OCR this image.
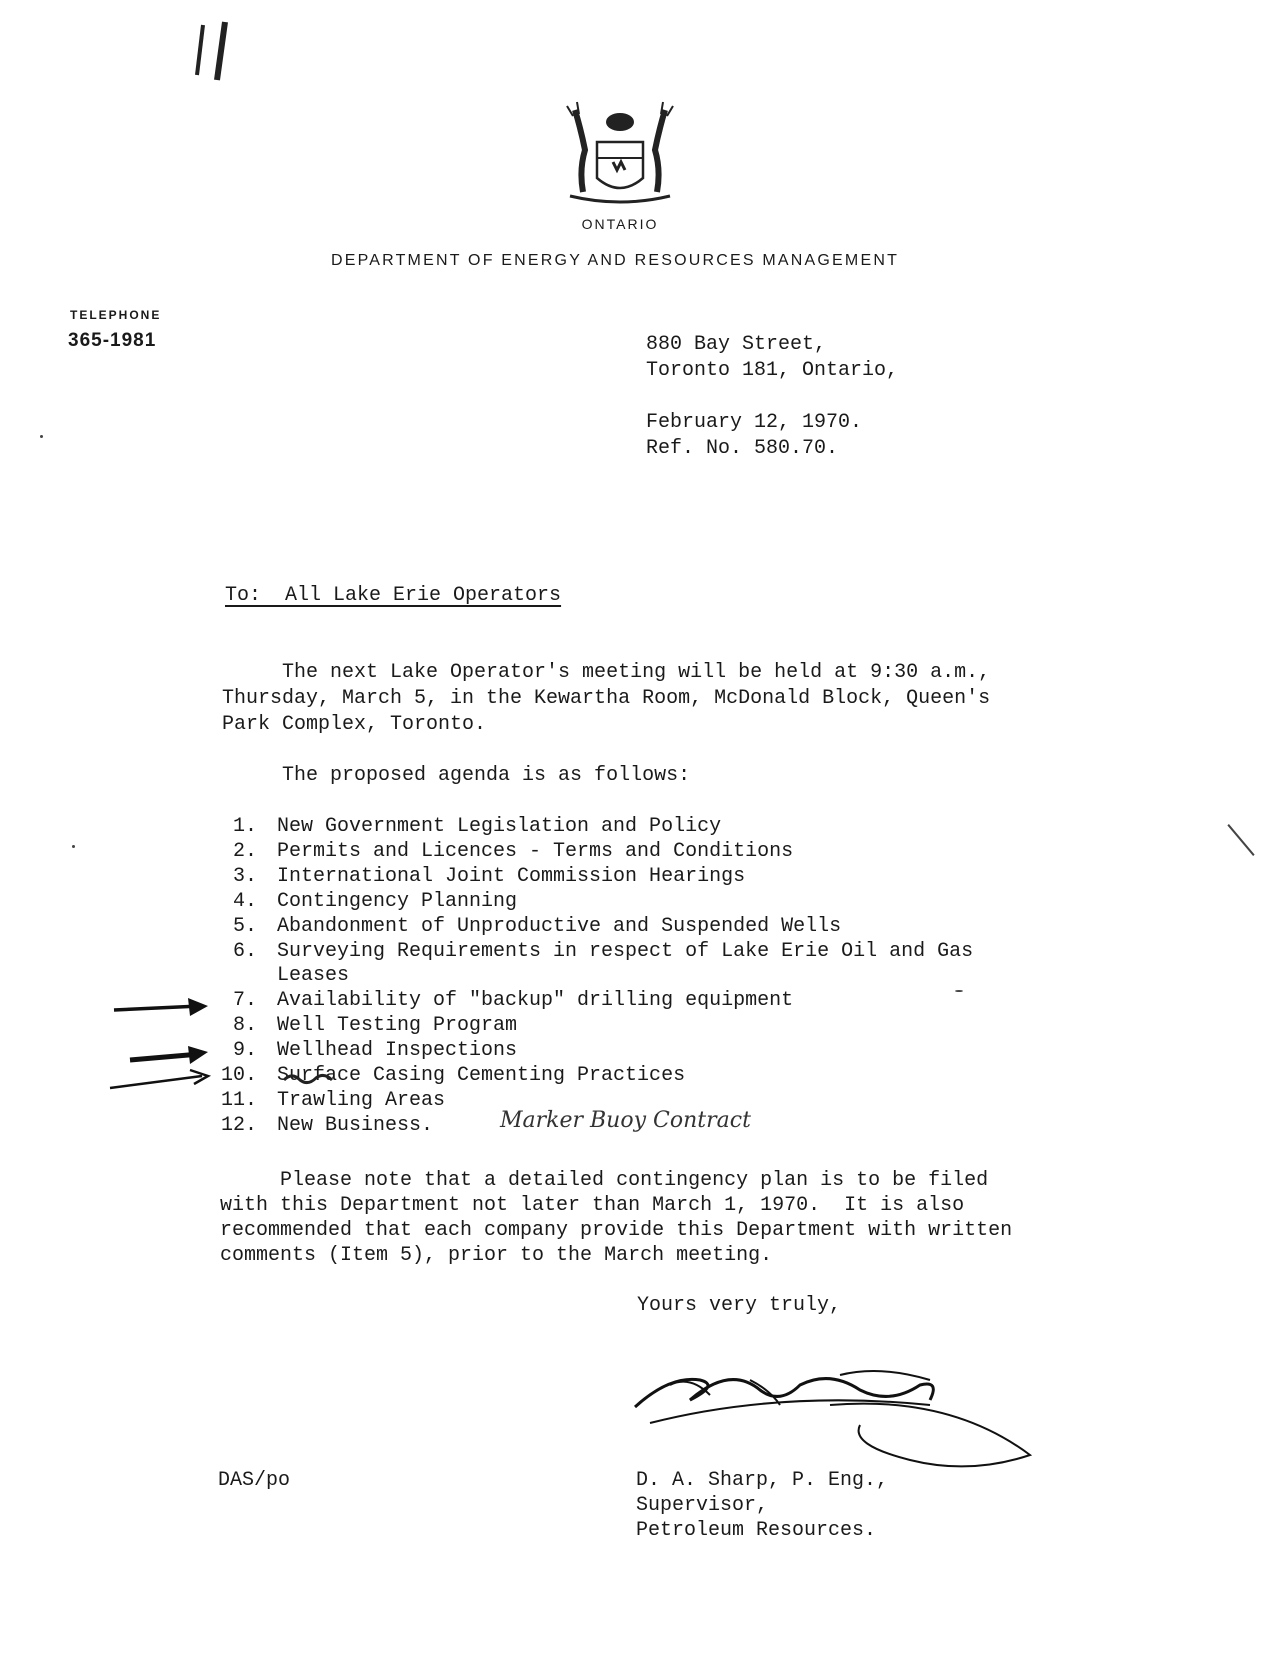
ONTARIO
DEPARTMENT OF ENERGY AND RESOURCES MANAGEMENT
TELEPHONE
365-1981	880 Bay Street,
Toronto 181, Ontario,
February 12, 1970.
Ref. No. 580.70.
To:  All Lake Erie Operators
The next Lake Operator's meeting will be held at 9:30 a.m.,
Thursday, March 5, in the Kewartha Room, McDonald Block, Queen's
Park Complex, Toronto.
The proposed agenda is as follows:
1. New Government Legislation and Policy
2. Permits and Licences - Terms and Conditions
3. International Joint Commission Hearings
4. Contingency Planning
5. Abandonment of Unproductive and Suspended Wells
6. Surveying Requirements in respect of Lake Erie Oil and Gas
Leases
7. Availability of "backup" drilling equipment
8. Well Testing Program
9. Wellhead Inspections
10. Surface Casing Cementing Practices
11. Trawling Areas
12. New Business.	Marker Buoy Contract
Please note that a detailed contingency plan is to be filed
with this Department not later than March 1, 1970.  It is also
recommended that each company provide this Department with written
comments (Item 5), prior to the March meeting.
Yours very truly,
D. A. Sharp, P. Eng.,
Supervisor,
Petroleum Resources.
DAS/po
